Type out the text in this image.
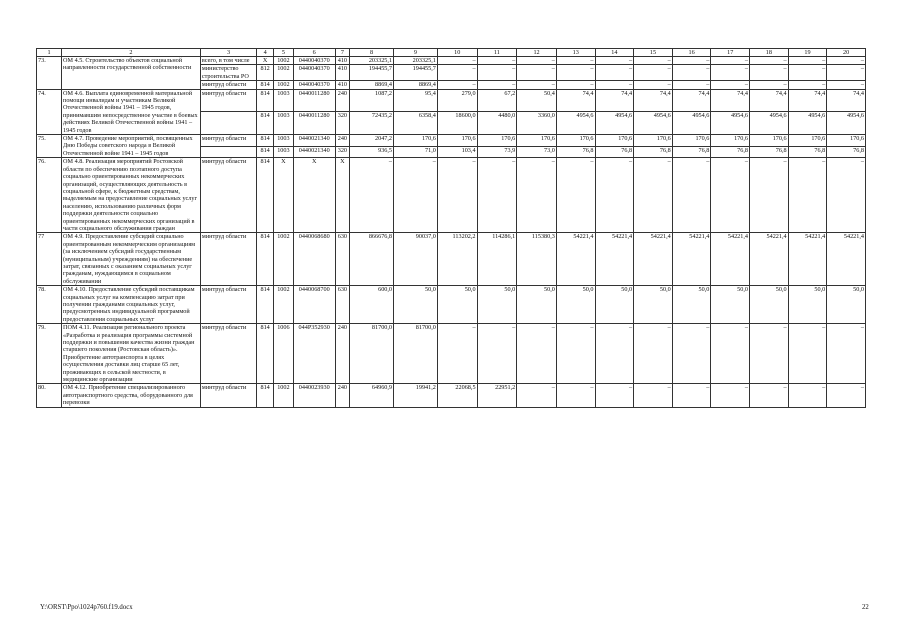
1	2	3	4	5	6	7	8	9	10	11	12	13	14	15	16	17	18	19	20
73.	ОМ 4.5. Строительство объектов социальной направленности государственной собственности	всего, в том числе	X	1002	0440040370	410	203325,1	203325,1	–	–	–	–	–	–	–	–	–	–	–
		министерство строительства РО	812	1002	0440040370	410	194455,7	194455,7	–	–	–	–	–	–	–	–	–	–	–
		минтруд области	814	1002	0440040370	410	8869,4	8869,4	–	–	–	–	–	–	–	–	–	–	–
74.	ОМ 4.6. Выплата единовременной материальной помощи инвалидам и участникам Великой Отечественной войны 1941 – 1945 годов, принимавшим непосредственное участие в боевых действиях Великой Отечественной войны 1941 – 1945 годов	минтруд области	814	1003	0440011280	240	1087,2	95,4	279,0	67,2	50,4	74,4	74,4	74,4	74,4	74,4	74,4	74,4	74,4
			814	1003	0440011280	320	72435,2	6358,4	18600,0	4480,0	3360,0	4954,6	4954,6	4954,6	4954,6	4954,6	4954,6	4954,6	4954,6
75.	ОМ 4.7. Проведение мероприятий, посвященных Дню Победы советского народа в Великой Отечественной войне 1941 – 1945 годов	минтруд области	814	1003	0440021340	240	2047,2	170,6	170,6	170,6	170,6	170,6	170,6	170,6	170,6	170,6	170,6	170,6	170,6
			814	1003	0440021340	320	936,5	71,0	103,4	73,9	73,0	76,8	76,8	76,8	76,8	76,8	76,8	76,8	76,8
76.	ОМ 4.8. Реализация мероприятий Ростовской области по обеспечению поэтапного доступа социально ориентированных некоммерческих организаций, осуществляющих деятельность в социальной сфере, к бюджетным средствам, выделяемым на предоставление социальных услуг населению, использованию различных форм поддержки деятельности социально ориентированных некоммерческих организаций в части социального обслуживания граждан	минтруд области	814	X	X	X	–	–	–	–	–	–	–	–	–	–	–	–	–
77	ОМ 4.9. Предоставление субсидий социально ориентированным некоммерческим организациям (за исключением субсидий государственным (муниципальным) учреждениям) на обеспечение затрат, связанных с оказанием социальных услуг гражданам, нуждающимся в социальном обслуживании	минтруд области	814	1002	0440068680	630	866676,8	90037,0	113202,2	114286,1	115380,3	54221,4	54221,4	54221,4	54221,4	54221,4	54221,4	54221,4	54221,4
78.	ОМ 4.10. Предоставление субсидий поставщикам социальных услуг на компенсацию затрат при получении гражданами социальных услуг, предусмотренных индивидуальной программой предоставления социальных услуг	минтруд области	814	1002	0440068700	630	600,0	50,0	50,0	50,0	50,0	50,0	50,0	50,0	50,0	50,0	50,0	50,0	50,0
79.	ПОМ 4.11. Реализация регионального проекта «Разработка и реализация программы системной поддержки и повышения качества жизни граждан старшего поколения (Ростовская область)». Приобретение автотранспорта в целях осуществления доставки лиц старше 65 лет, проживающих в сельской местности, в медицинские организации	минтруд области	814	1006	044P352930	240	81700,0	81700,0	–	–	–	–	–	–	–	–	–	–	–
80.	ОМ 4.12. Приобретение специализированного автотранспортного средства, оборудованного для перевозки	минтруд области	814	1002	0440023930	240	64960,9	19941,2	22068,5	22951,2	–	–	–	–	–	–	–	–	–
Y:\ORST\Ppo\1024p760.f19.docx	22
